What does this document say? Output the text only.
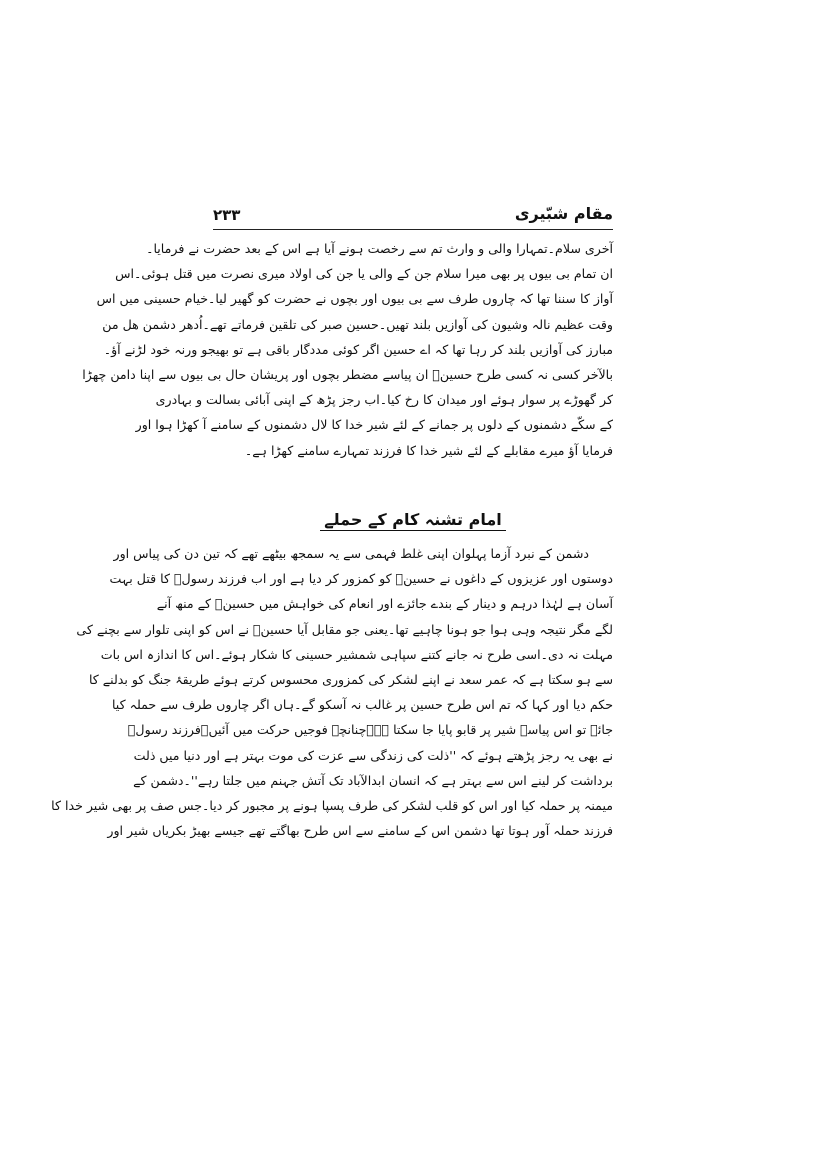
مقام شبّیری
۲۳۳
آخری سلام۔تمہارا والی و وارث تم سے رخصت ہونے آیا ہے اس کے بعد حضرت نے فرمایا۔
ان تمام بی بیوں پر بھی میرا سلام جن کے والی یا جن کی اولاد میری نصرت میں قتل ہوئی۔اس
آواز کا سننا تھا کہ چاروں طرف سے بی بیوں اور بچوں نے حضرت کو گھیر لیا۔خیام حسینی میں اس
وقت عظیم نالہ وشیون کی آوازیں بلند تھیں۔حسین صبر کی تلقین فرماتے تھے۔اُدھر دشمن ھل من
مبارز کی آوازیں بلند کر رہا تھا کہ اے حسین اگر کوئی مددگار باقی ہے تو بھیجو ورنہ خود لڑنے آؤ۔
بالآخر کسی نہ کسی طرح حسینؑ ان پیاسے مضطر بچوں اور پریشان حال بی بیوں سے اپنا دامن چھڑا
کر گھوڑے پر سوار ہوئے اور میدان کا رخ کیا۔اب رجز پڑھ کے اپنی آبائی بسالت و بہادری
کے سکّے دشمنوں کے دلوں پر جمانے کے لئے شیر خدا کا لال دشمنوں کے سامنے آ کھڑا ہوا اور
فرمایا آؤ میرے مقابلے کے لئے شیر خدا کا فرزند تمہارے سامنے کھڑا ہے۔
امام تشنہ کام کے حملے
دشمن کے نبرد آزما پہلوان اپنی غلط فہمی سے یہ سمجھ بیٹھے تھے کہ تین دن کی پیاس اور
دوستوں اور عزیزوں کے داغوں نے حسینؑ کو کمزور کر دیا ہے اور اب فرزند رسولؐ کا قتل بہت
آسان ہے لہٰذا درہم و دینار کے بندے جائزے اور انعام کی خواہش میں حسینؑ کے منھ آنے
لگے مگر نتیجہ وہی ہوا جو ہونا چاہیے تھا۔یعنی جو مقابل آیا حسینؑ نے اس کو اپنی تلوار سے بچنے کی
مہلت نہ دی۔اسی طرح نہ جانے کتنے سپاہی شمشیر حسینی کا شکار ہوئے۔اس کا اندازہ اس بات
سے ہو سکتا ہے کہ عمر سعد نے اپنے لشکر کی کمزوری محسوس کرتے ہوئے طریقۂ جنگ کو بدلنے کا
حکم دیا اور کہا کہ تم اس طرح حسین پر غالب نہ آسکو گے۔ہاں اگر چاروں طرف سے حملہ کیا
جائے تو اس پیاسے شیر پر قابو پایا جا سکتا ہے۔چنانچہ فوجیں حرکت میں آئیں۔فرزند رسولؐ
نے بھی یہ رجز پڑھتے ہوئے کہ ''ذلت کی زندگی سے عزت کی موت بہتر ہے اور دنیا میں ذلت
برداشت کر لینے اس سے بہتر ہے کہ انسان ابدالآباد تک آتش جہنم میں جلتا رہے''۔دشمن کے
میمنہ پر حملہ کیا اور اس کو قلب لشکر کی طرف پسپا ہونے پر مجبور کر دیا۔جس صف پر بھی شیر خدا کا
فرزند حملہ آور ہوتا تھا دشمن اس کے سامنے سے اس طرح بھاگتے تھے جیسے بھیڑ بکریاں شیر اور
